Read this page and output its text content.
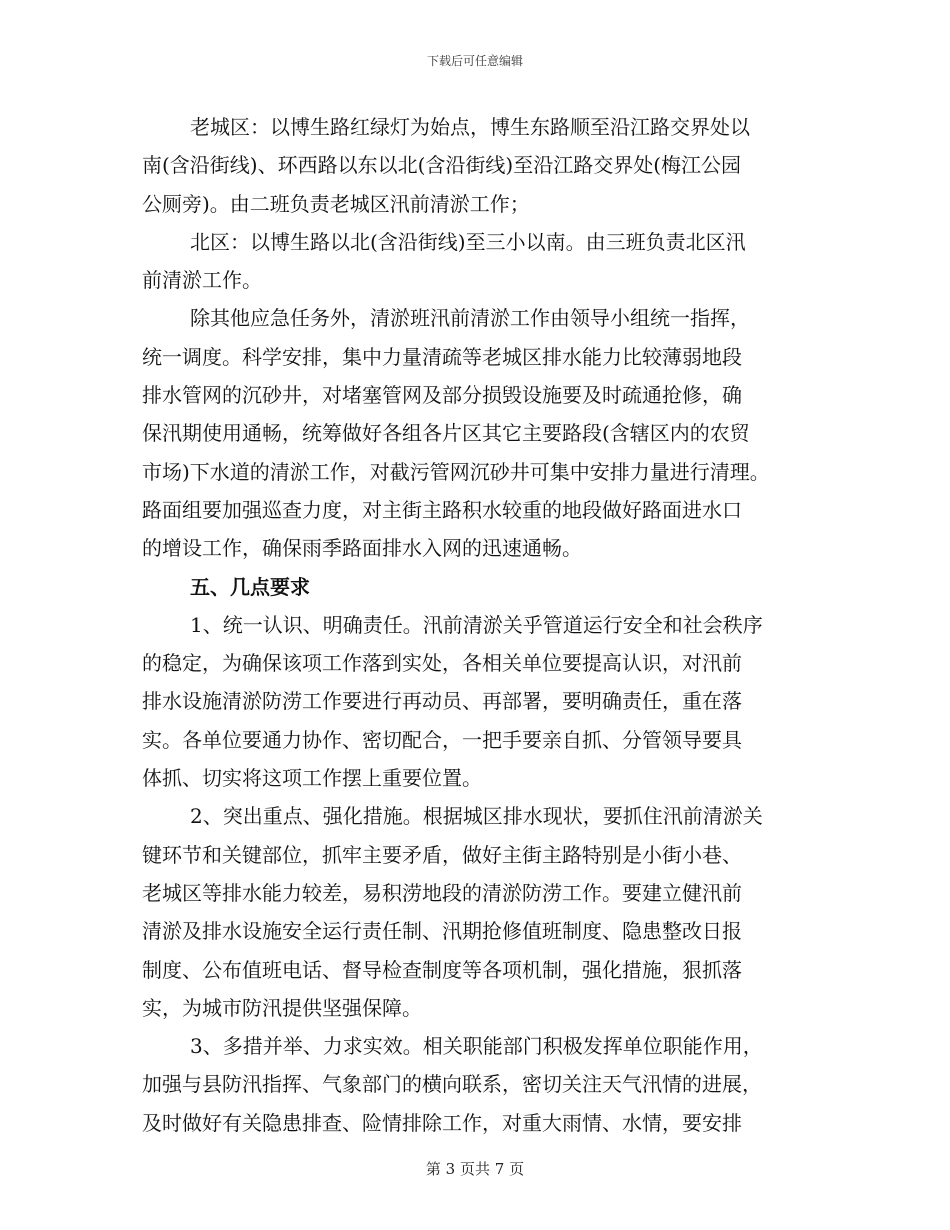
下载后可任意编辑
老城区：以博生路红绿灯为始点，博生东路顺至沿江路交界处以
南(含沿街线)、环西路以东以北(含沿街线)至沿江路交界处(梅江公园
公厕旁)。由二班负责老城区汛前清淤工作；
北区：以博生路以北(含沿街线)至三小以南。由三班负责北区汛
前清淤工作。
除其他应急任务外，清淤班汛前清淤工作由领导小组统一指挥，
统一调度。科学安排，集中力量清疏等老城区排水能力比较薄弱地段
排水管网的沉砂井，对堵塞管网及部分损毁设施要及时疏通抢修，确
保汛期使用通畅，统筹做好各组各片区其它主要路段(含辖区内的农贸
市场)下水道的清淤工作，对截污管网沉砂井可集中安排力量进行清理。
路面组要加强巡查力度，对主街主路积水较重的地段做好路面进水口
的增设工作，确保雨季路面排水入网的迅速通畅。
五、几点要求
1、统一认识、明确责任。汛前清淤关乎管道运行安全和社会秩序
的稳定，为确保该项工作落到实处，各相关单位要提高认识，对汛前
排水设施清淤防涝工作要进行再动员、再部署，要明确责任，重在落
实。各单位要通力协作、密切配合，一把手要亲自抓、分管领导要具
体抓、切实将这项工作摆上重要位置。
2、突出重点、强化措施。根据城区排水现状，要抓住汛前清淤关
键环节和关键部位，抓牢主要矛盾，做好主街主路特别是小街小巷、
老城区等排水能力较差，易积涝地段的清淤防涝工作。要建立健汛前
清淤及排水设施安全运行责任制、汛期抢修值班制度、隐患整改日报
制度、公布值班电话、督导检查制度等各项机制，强化措施，狠抓落
实，为城市防汛提供坚强保障。
3、多措并举、力求实效。相关职能部门积极发挥单位职能作用，
加强与县防汛指挥、气象部门的横向联系，密切关注天气汛情的进展，
及时做好有关隐患排查、险情排除工作，对重大雨情、水情，要安排
第 3 页共 7 页
